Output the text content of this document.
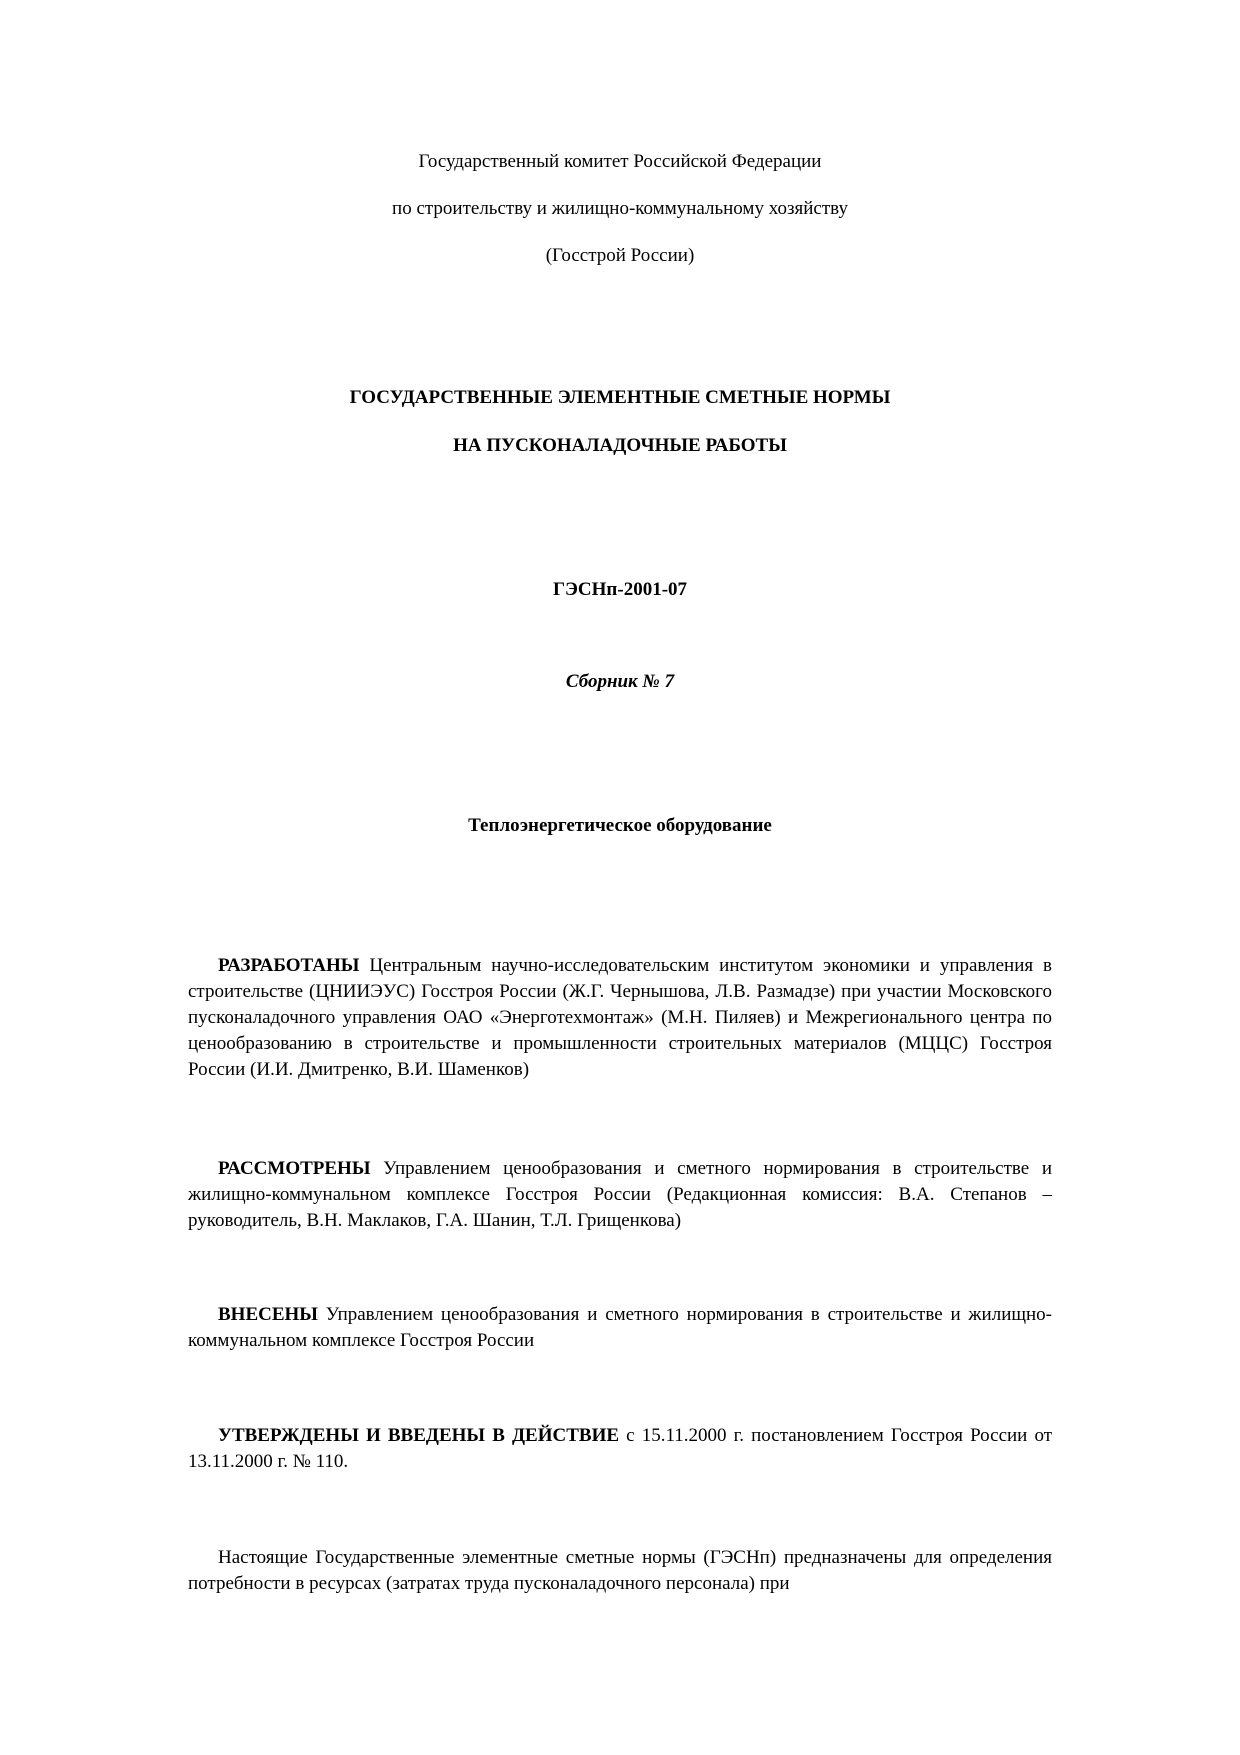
Государственный комитет Российской Федерации
по строительству и жилищно-коммунальному хозяйству
(Госстрой России)
ГОСУДАРСТВЕННЫЕ ЭЛЕМЕНТНЫЕ СМЕТНЫЕ НОРМЫ
НА ПУСКОНАЛАДОЧНЫЕ РАБОТЫ
ГЭСНп-2001-07
Сборник № 7
Теплоэнергетическое оборудование
РАЗРАБОТАНЫ Центральным научно-исследовательским институтом экономики и управления в строительстве (ЦНИИЭУС) Госстроя России (Ж.Г. Чернышова, Л.В. Размадзе) при участии Московского пусконаладочного управления ОАО «Энерготехмонтаж» (М.Н. Пиляев) и Межрегионального центра по ценообразованию в строительстве и промышленности строительных материалов (МЦЦС) Госстроя России (И.И. Дмитренко, В.И. Шаменков)
РАССМОТРЕНЫ Управлением ценообразования и сметного нормирования в строительстве и жилищно-коммунальном комплексе Госстроя России (Редакционная комиссия: В.А. Степанов – руководитель, В.Н. Маклаков, Г.А. Шанин, Т.Л. Грищенкова)
ВНЕСЕНЫ Управлением ценообразования и сметного нормирования в строительстве и жилищно-коммунальном комплексе Госстроя России
УТВЕРЖДЕНЫ И ВВЕДЕНЫ В ДЕЙСТВИЕ с 15.11.2000 г. постановлением Госстроя России от 13.11.2000 г. № 110.
Настоящие Государственные элементные сметные нормы (ГЭСНп) предназначены для определения потребности в ресурсах (затратах труда пусконаладочного персонала) при
